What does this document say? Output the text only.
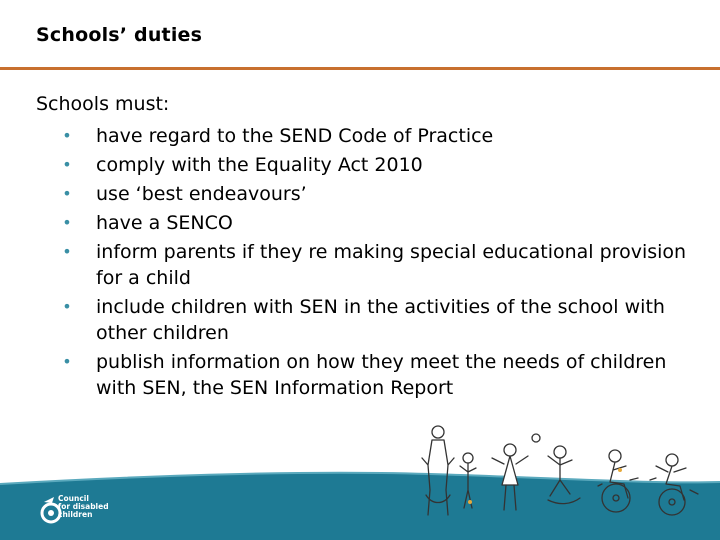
Schools’ duties
Schools must:
• have regard to the SEND Code of Practice
• comply with the Equality Act 2010
• use ‘best endeavours’
• have a SENCO
• inform parents if they re making special educational provision for a child
• include children with SEN in the activities of the school with other children
• publish information on how they meet the needs of children with SEN, the SEN Information Report
Council
for disabled
children
